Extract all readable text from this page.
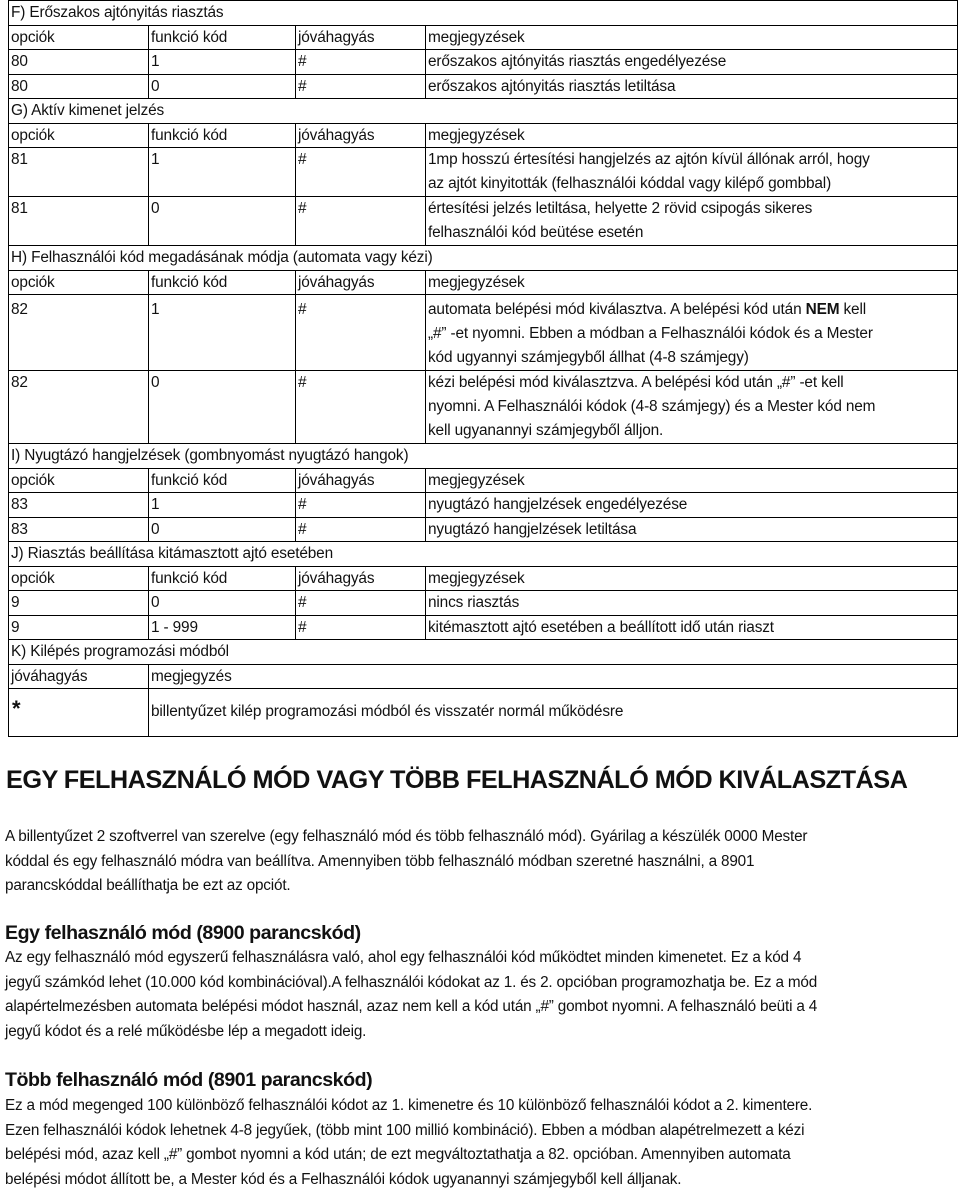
F) Erőszakos ajtónyitás riasztás			
opciók	funkció kód	jóváhagyás	megjegyzések
80	1	#	erőszakos ajtónyitás riasztás engedélyezése
80	0	#	erőszakos ajtónyitás riasztás letiltása
G) Aktív kimenet jelzés			
opciók	funkció kód	jóváhagyás	megjegyzések
81	1	#	1mp hosszú értesítési hangjelzés az ajtón kívül állónak arról, hogy
az ajtót kinyitották (felhasználói kóddal vagy kilépő gombbal)

81	0	#	értesítési jelzés letiltása, helyette 2 rövid csipogás sikeres
felhasználói kód beütése esetén

H) Felhasználói kód megadásának módja (automata vagy kézi)			
opciók	funkció kód	jóváhagyás	megjegyzések
82	1	#	automata belépési mód kiválasztva. A belépési kód után NEM kell
„#” -et nyomni. Ebben a módban a Felhasználói kódok és a Mester
kód ugyannyi számjegyből állhat (4-8 számjegy)

82	0	#	kézi belépési mód kiválasztzva. A belépési kód után „#” -et kell
nyomni. A Felhasználói kódok (4-8 számjegy) és a Mester kód nem
kell ugyanannyi számjegyből álljon.

I) Nyugtázó hangjelzések (gombnyomást nyugtázó hangok)			
opciók	funkció kód	jóváhagyás	megjegyzések
83	1	#	nyugtázó hangjelzések engedélyezése
83	0	#	nyugtázó hangjelzések letiltása
J) Riasztás beállítása kitámasztott ajtó esetében			
opciók	funkció kód	jóváhagyás	megjegyzések
9	0	#	nincs riasztás
9	1 - 999	#	kitémasztott ajtó esetében a beállított idő után riaszt
K) Kilépés programozási módból			
jóváhagyás	megjegyzés		
*	billentyűzet kilép programozási módból és visszatér normál működésre		
EGY FELHASZNÁLÓ MÓD VAGY TÖBB FELHASZNÁLÓ MÓD KIVÁLASZTÁSA
A billentyűzet 2 szoftverrel van szerelve (egy felhasználó mód és több felhasználó mód). Gyárilag a készülék 0000 Mester
kóddal és egy felhasználó módra van beállítva. Amennyiben több felhasználó módban szeretné használni, a 8901
parancskóddal beállíthatja be ezt az opciót.
Egy felhasználó mód (8900 parancskód)
Az egy felhasználó mód egyszerű felhasználásra való, ahol egy felhasználói kód működtet minden kimenetet. Ez a kód 4
jegyű számkód lehet (10.000 kód kombinációval).A felhasználói kódokat az 1. és 2. opcióban programozhatja be. Ez a mód
alapértelmezésben automata belépési módot használ, azaz nem kell a kód után „#” gombot nyomni. A felhasználó beüti a 4
jegyű kódot és a relé működésbe lép a megadott ideig.
Több felhasználó mód (8901 parancskód)
Ez a mód megenged 100 különböző felhasználói kódot az 1. kimenetre és 10 különböző felhasználói kódot a 2. kimentere.
Ezen felhasználói kódok lehetnek 4-8 jegyűek, (több mint 100 millió kombináció). Ebben a módban alapétrelmezett a kézi
belépési mód, azaz kell „#” gombot nyomni a kód után; de ezt megváltoztathatja a 82. opcióban. Amennyiben automata
belépési módot állított be, a Mester kód és a Felhasználói kódok ugyanannyi számjegyből kell álljanak.
